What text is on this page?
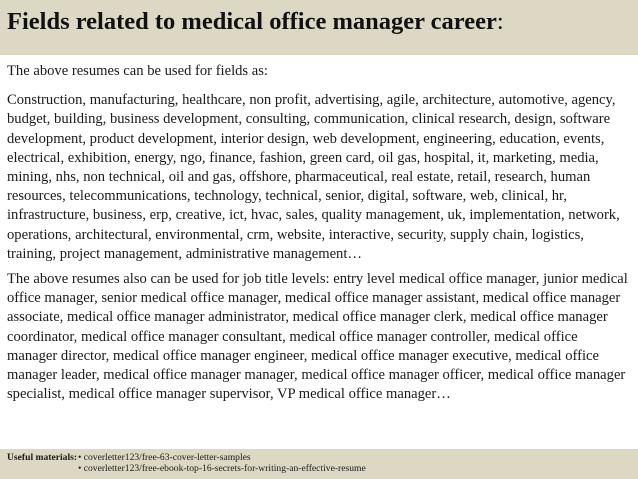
Fields related to medical office manager career:

The above resumes can be used for fields as:

Construction, manufacturing, healthcare, non profit, advertising, agile, architecture, automotive, agency, budget, building, business development, consulting, communication, clinical research, design, software development, product development, interior design, web development, engineering, education, events, electrical, exhibition, energy, ngo, finance, fashion, green card, oil gas, hospital, it, marketing, media, mining, nhs, non technical, oil and gas, offshore, pharmaceutical, real estate, retail, research, human resources, telecommunications, technology, technical, senior, digital, software, web, clinical, hr, infrastructure, business, erp, creative, ict, hvac, sales, quality management, uk, implementation, network, operations, architectural, environmental, crm, website, interactive, security, supply chain, logistics, training, project management, administrative management…

The above resumes also can be used for job title levels: entry level medical office manager, junior medical office manager, senior medical office manager, medical office manager assistant, medical office manager associate, medical office manager administrator, medical office manager clerk, medical office manager coordinator, medical office manager consultant, medical office manager controller, medical office manager director, medical office manager engineer, medical office manager executive, medical office manager leader, medical office manager manager, medical office manager officer, medical office manager specialist, medical office manager supervisor, VP medical office manager…

Useful materials: • coverletter123/free-63-cover-letter-samples
• coverletter123/free-ebook-top-16-secrets-for-writing-an-effective-resume
